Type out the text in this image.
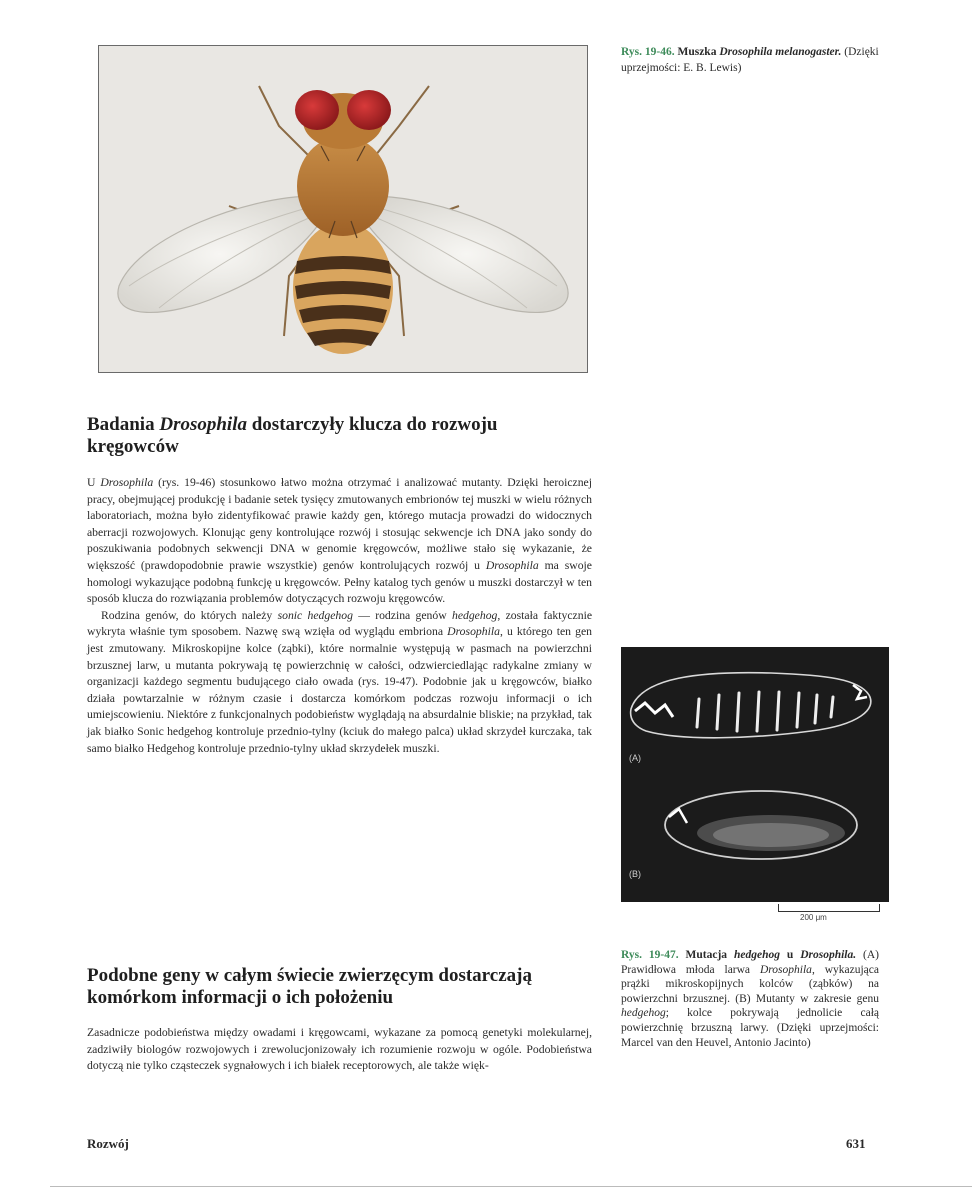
Rys. 19-46. Muszka Drosophila melanogaster. (Dzięki uprzejmości: E. B. Lewis)
Badania Drosophila dostarczyły klucza do rozwoju kręgowców

U Drosophila (rys. 19-46) stosunkowo łatwo można otrzymać i analizować mutanty. Dzięki heroicznej pracy, obejmującej produkcję i badanie setek tysięcy zmutowanych embrionów tej muszki w wielu różnych laboratoriach, można było zidentyfikować prawie każdy gen, którego mutacja prowadzi do widocznych aberracji rozwojowych. Klonując geny kontrolujące rozwój i stosując sekwencje ich DNA jako sondy do poszukiwania podobnych sekwencji DNA w genomie kręgowców, możliwe stało się wykazanie, że większość (prawdopodobnie prawie wszystkie) genów kontrolujących rozwój u Drosophila ma swoje homologi wykazujące podobną funkcję u kręgowców. Pełny katalog tych genów u muszki dostarczył w ten sposób klucza do rozwiązania problemów dotyczących rozwoju kręgowców.

Rodzina genów, do których należy sonic hedgehog — rodzina genów hedgehog, została faktycznie wykryta właśnie tym sposobem. Nazwę swą wzięła od wyglądu embriona Drosophila, u którego ten gen jest zmutowany. Mikroskopijne kolce (ząbki), które normalnie występują w pasmach na powierzchni brzusznej larw, u mutanta pokrywają tę powierzchnię w całości, odzwierciedlając radykalne zmiany w organizacji każdego segmentu budującego ciało owada (rys. 19-47). Podobnie jak u kręgowców, białko działa powtarzalnie w różnym czasie i dostarcza komórkom podczas rozwoju informacji o ich umiejscowieniu. Niektóre z funkcjonalnych podobieństw wyglądają na absurdalnie bliskie; na przykład, tak jak białko Sonic hedgehog kontroluje przednio-tylny (kciuk do małego palca) układ skrzydeł kurczaka, tak samo białko Hedgehog kontroluje przednio-tylny układ skrzydełek muszki.

Podobne geny w całym świecie zwierzęcym dostarczają komórkom informacji o ich położeniu
Zasadnicze podobieństwa między owadami i kręgowcami, wykazane za pomocą genetyki molekularnej, zadziwiły biologów rozwojowych i zrewolucjonizowały ich rozumienie rozwoju w ogóle. Podobieństwa dotyczą nie tylko cząsteczek sygnałowych i ich białek receptorowych, ale także więk-
(A)
(B)
200 μm
Rys. 19-47. Mutacja hedgehog u Drosophila. (A) Prawidłowa młoda larwa Drosophila, wykazująca prążki mikroskopijnych kolców (ząbków) na powierzchni brzusznej. (B) Mutanty w zakresie genu hedgehog; kolce pokrywają jednolicie całą powierzchnię brzuszną larwy. (Dzięki uprzejmości: Marcel van den Heuvel, Antonio Jacinto)
Rozwój	631
